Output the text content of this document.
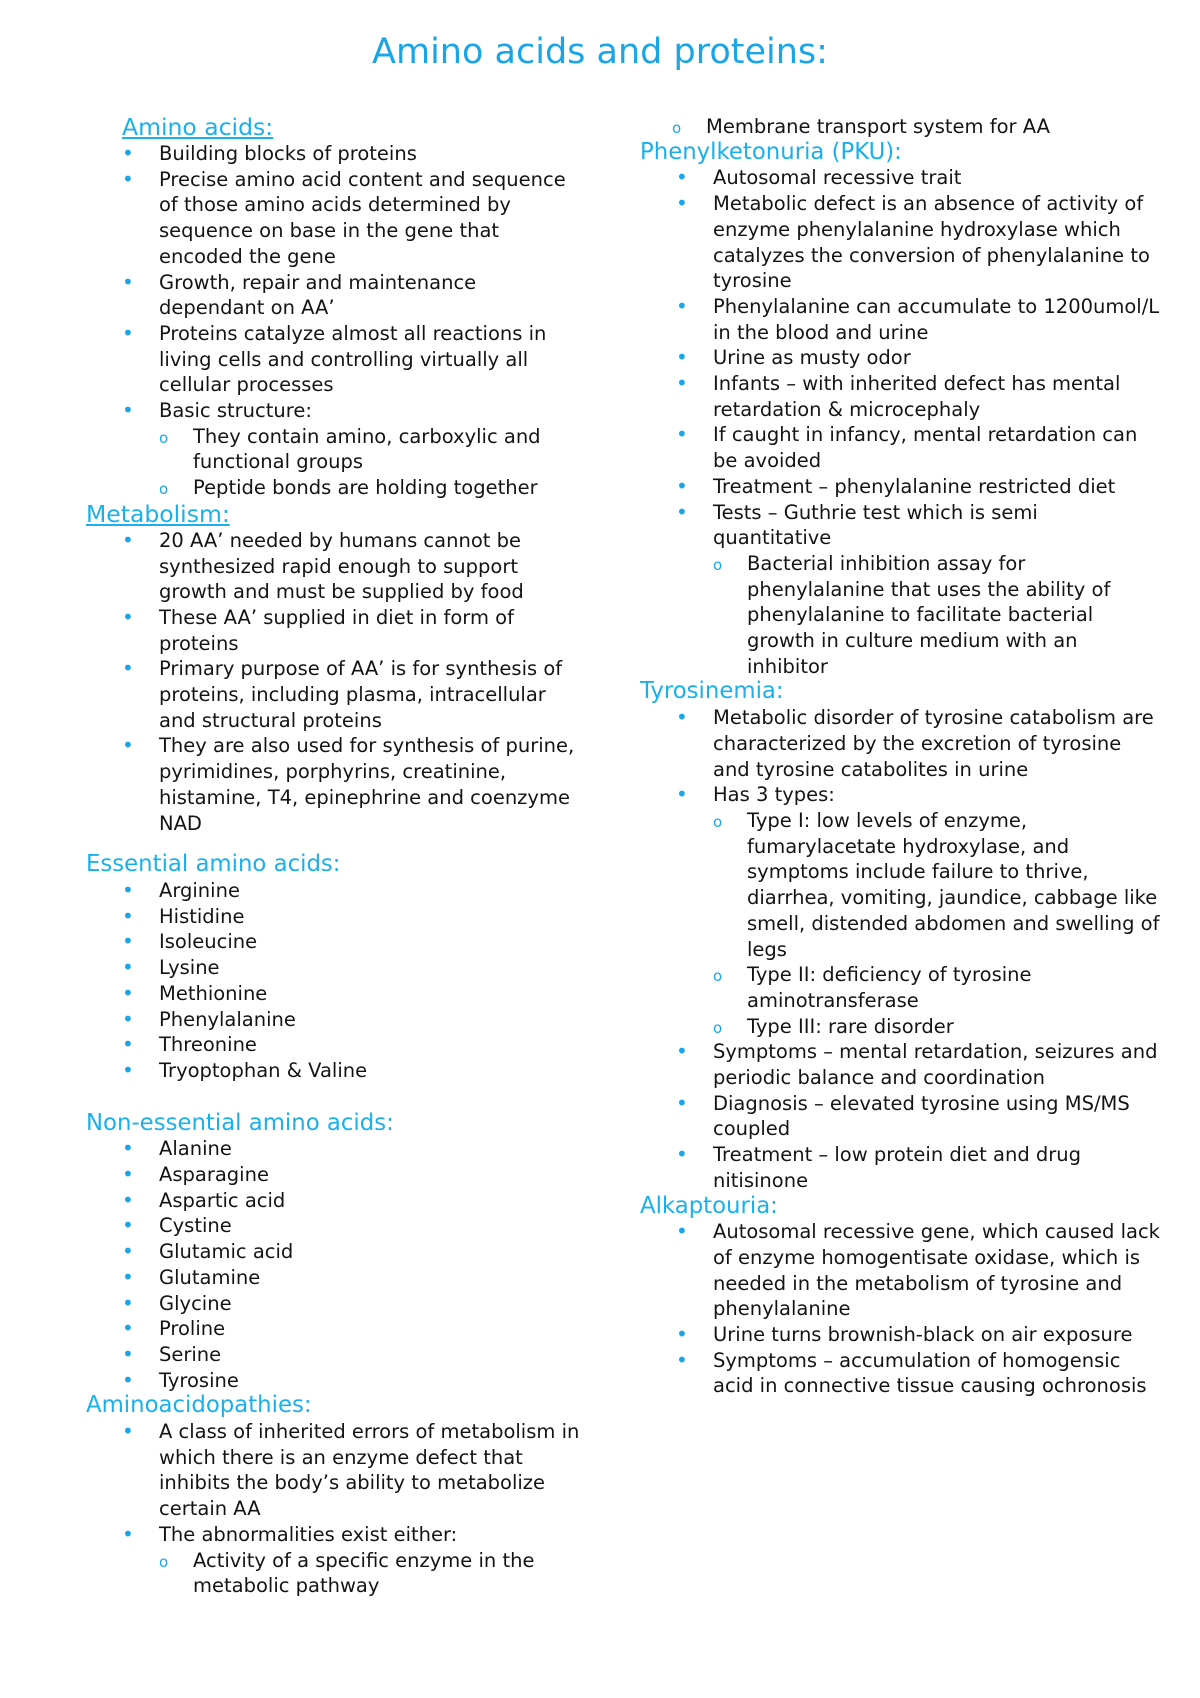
Amino acids and proteins:
Amino acids:
• Building blocks of proteins
• Precise amino acid content and sequence of those amino acids determined by sequence on base in the gene that encoded the gene
• Growth, repair and maintenance dependant on AA’
• Proteins catalyze almost all reactions in living cells and controlling virtually all cellular processes
• Basic structure:
o They contain amino, carboxylic and functional groups
o Peptide bonds are holding together
Metabolism:
• 20 AA’ needed by humans cannot be synthesized rapid enough to support growth and must be supplied by food
• These AA’ supplied in diet in form of proteins
• Primary purpose of AA’ is for synthesis of proteins, including plasma, intracellular and structural proteins
• They are also used for synthesis of purine, pyrimidines, porphyrins, creatinine, histamine, T4, epinephrine and coenzyme NAD
Essential amino acids:
• Arginine
• Histidine
• Isoleucine
• Lysine
• Methionine
• Phenylalanine
• Threonine
• Tryoptophan & Valine
Non-essential amino acids:
• Alanine
• Asparagine
• Aspartic acid
• Cystine
• Glutamic acid
• Glutamine
• Glycine
• Proline
• Serine
• Tyrosine
Aminoacidopathies:
• A class of inherited errors of metabolism in which there is an enzyme defect that inhibits the body’s ability to metabolize certain AA
• The abnormalities exist either:
o Activity of a specific enzyme in the metabolic pathway
o Membrane transport system for AA
Phenylketonuria (PKU):
• Autosomal recessive trait
• Metabolic defect is an absence of activity of enzyme phenylalanine hydroxylase which catalyzes the conversion of phenylalanine to tyrosine
• Phenylalanine can accumulate to 1200umol/L in the blood and urine
• Urine as musty odor
• Infants – with inherited defect has mental retardation & microcephaly
• If caught in infancy, mental retardation can be avoided
• Treatment – phenylalanine restricted diet
• Tests – Guthrie test which is semi quantitative
o Bacterial inhibition assay for phenylalanine that uses the ability of phenylalanine to facilitate bacterial growth in culture medium with an inhibitor
Tyrosinemia:
• Metabolic disorder of tyrosine catabolism are characterized by the excretion of tyrosine and tyrosine catabolites in urine
• Has 3 types:
o Type I: low levels of enzyme, fumarylacetate hydroxylase, and symptoms include failure to thrive, diarrhea, vomiting, jaundice, cabbage like smell, distended abdomen and swelling of legs
o Type II: deficiency of tyrosine aminotransferase
o Type III: rare disorder
• Symptoms – mental retardation, seizures and periodic balance and coordination
• Diagnosis – elevated tyrosine using MS/MS coupled
• Treatment – low protein diet and drug nitisinone
Alkaptouria:
• Autosomal recessive gene, which caused lack of enzyme homogentisate oxidase, which is needed in the metabolism of tyrosine and phenylalanine
• Urine turns brownish-black on air exposure
• Symptoms – accumulation of homogensic acid in connective tissue causing ochronosis
